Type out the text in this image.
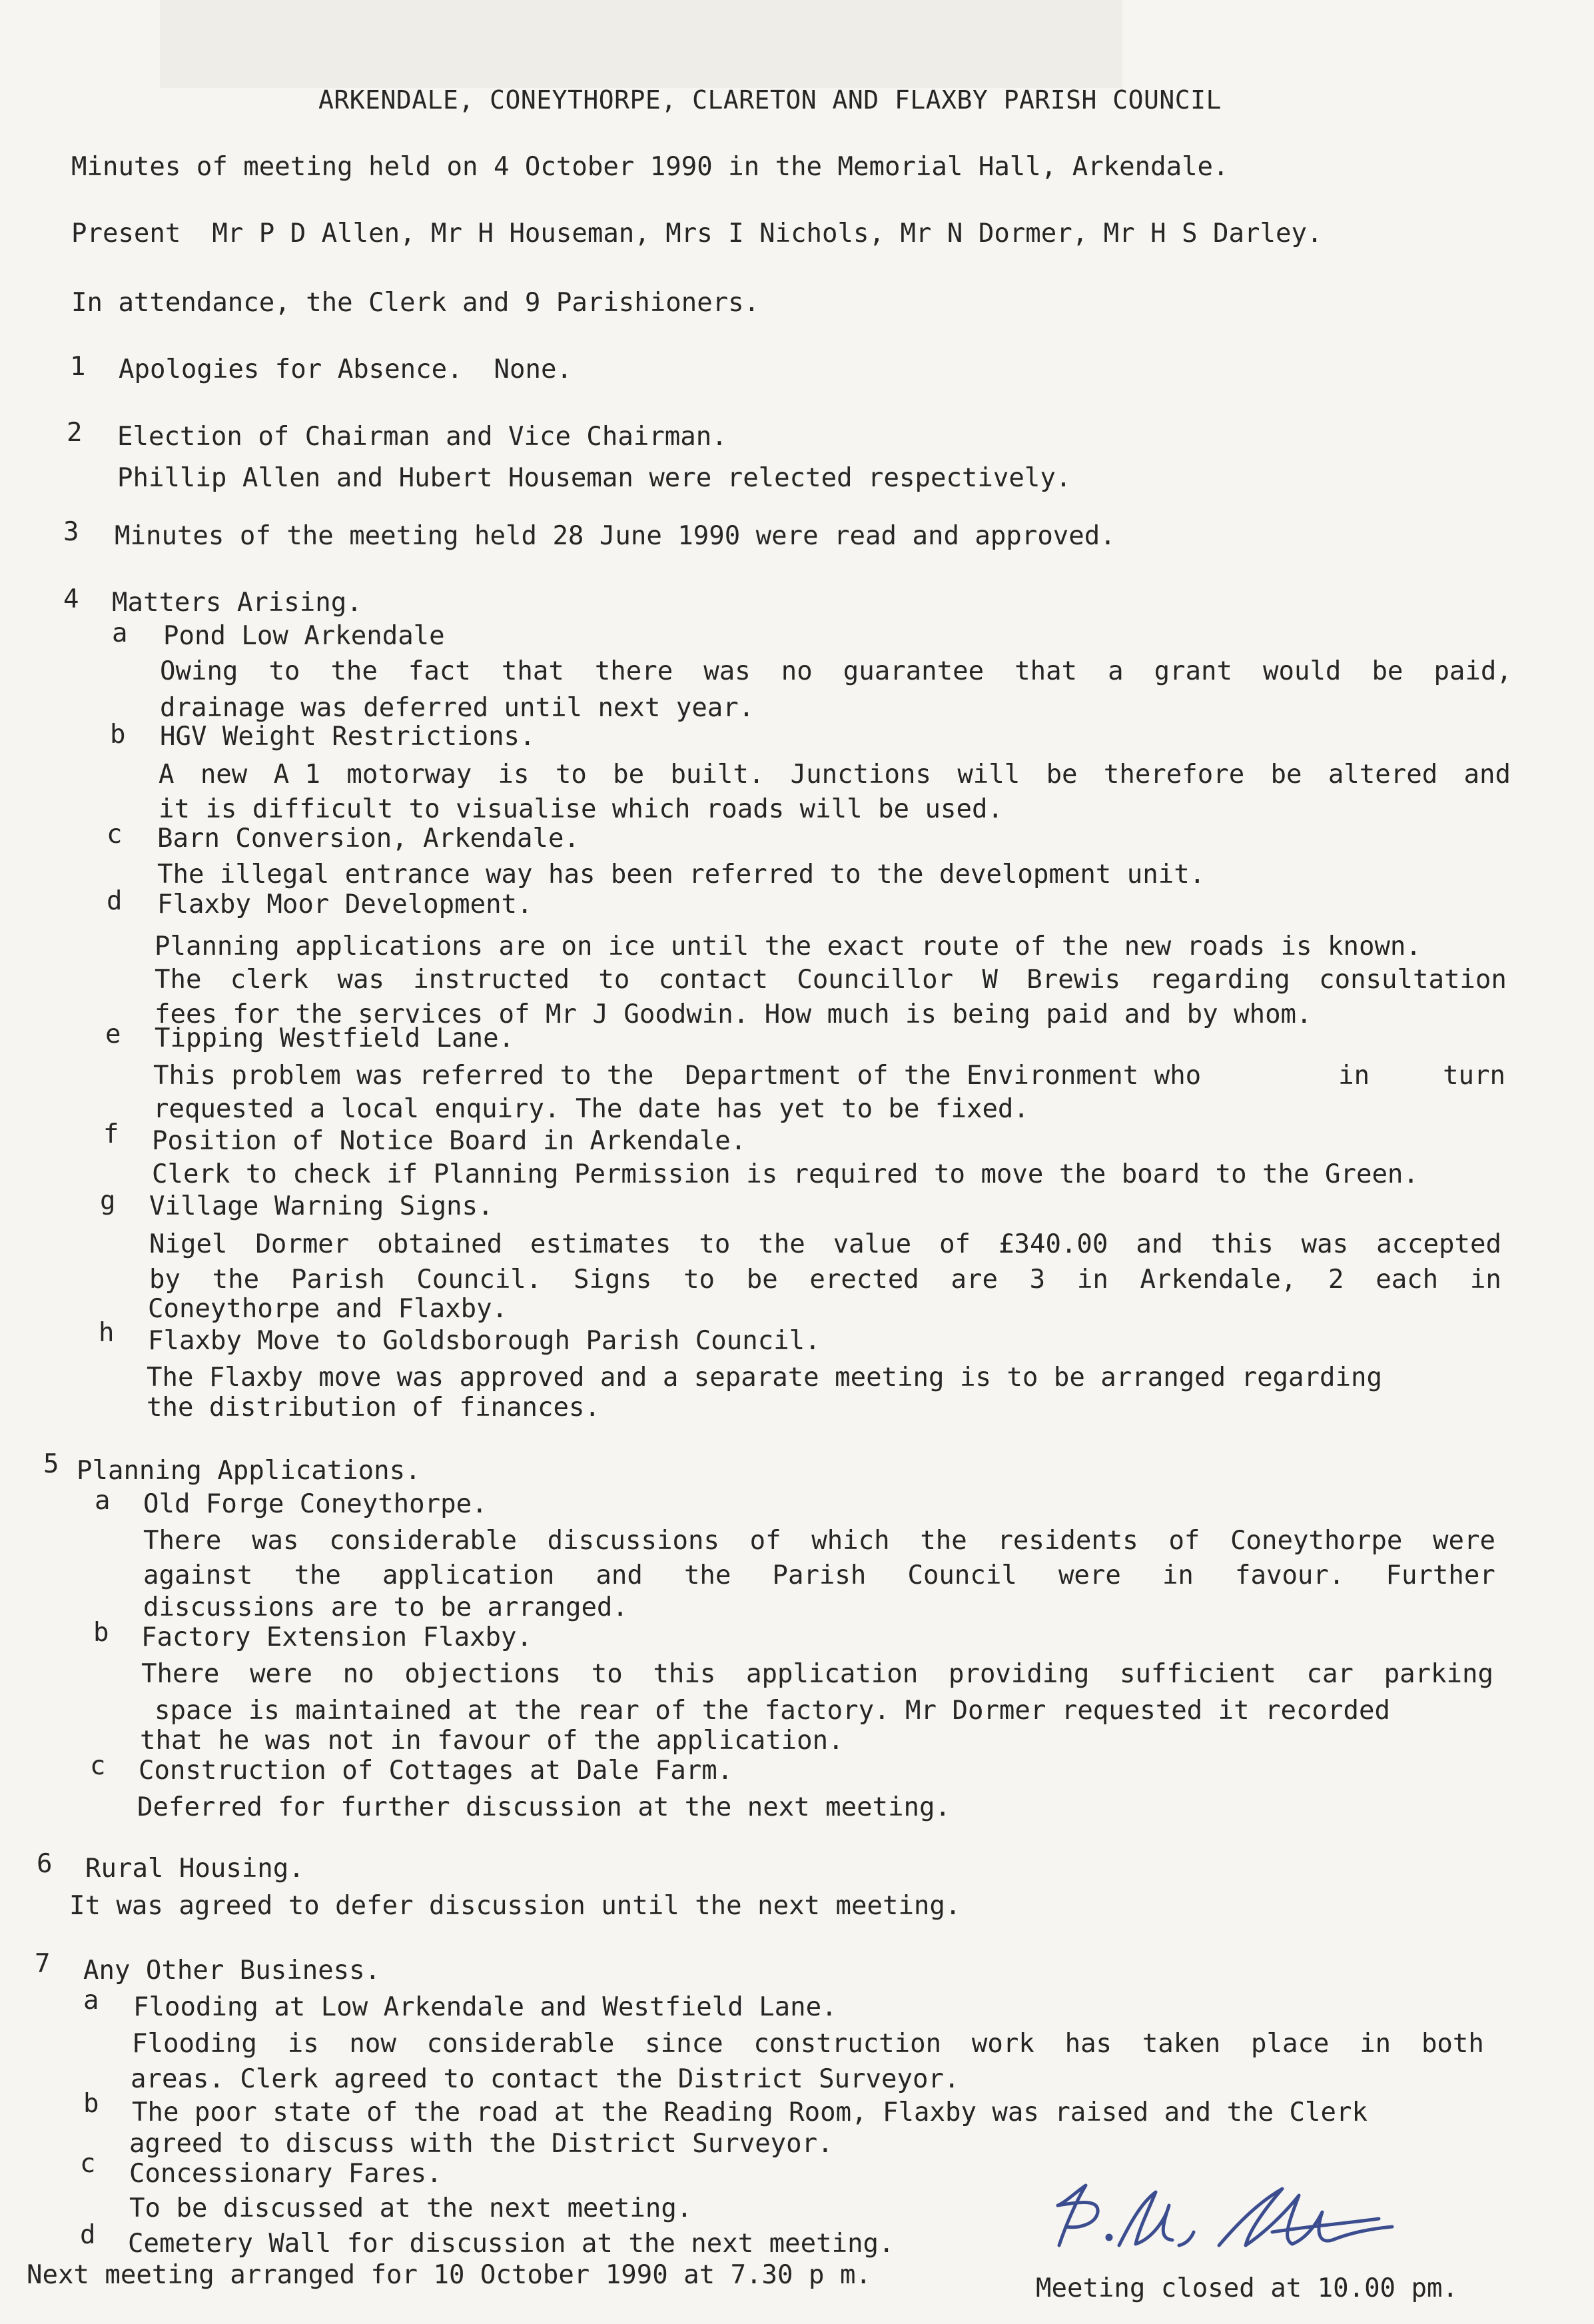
ARKENDALE, CONEYTHORPE, CLARETON AND FLAXBY PARISH COUNCIL
Minutes of meeting held on 4 October 1990 in the Memorial Hall, Arkendale.
Present  Mr P D Allen, Mr H Houseman, Mrs I Nichols, Mr N Dormer, Mr H S Darley.
In attendance, the Clerk and 9 Parishioners.
1 Apologies for Absence.  None.
2 Election of Chairman and Vice Chairman.
Phillip Allen and Hubert Houseman were relected respectively.
3 Minutes of the meeting held 28 June 1990 were read and approved.
4 Matters Arising.
a Pond Low Arkendale
Owing to the fact that there was no guarantee that a grant would be paid,
drainage was deferred until next year.
b HGV Weight Restrictions.
A new A 1 motorway is to be built. Junctions will be therefore be altered and
it is difficult to visualise which roads will be used.
c Barn Conversion, Arkendale.
The illegal entrance way has been referred to the development unit.
d Flaxby Moor Development.
Planning applications are on ice until the exact route of the new roads is known.
The clerk was instructed to contact Councillor W Brewis regarding consultation
fees for the services of Mr J Goodwin. How much is being paid and by whom.
e Tipping Westfield Lane.
This problem was referred to the  Department of the Environment who	in	turn
requested a local enquiry. The date has yet to be fixed.
f Position of Notice Board in Arkendale.
Clerk to check if Planning Permission is required to move the board to the Green.
g Village Warning Signs.
Nigel Dormer obtained estimates to the value of £340.00 and this was accepted
by the Parish Council. Signs to be erected are 3 in Arkendale, 2 each in
Coneythorpe and Flaxby.
h Flaxby Move to Goldsborough Parish Council.
The Flaxby move was approved and a separate meeting is to be arranged regarding
the distribution of finances.
5 Planning Applications.
a Old Forge Coneythorpe.
There was considerable discussions of which the residents of Coneythorpe were
against the application and the Parish Council were in favour. Further
discussions are to be arranged.
b Factory Extension Flaxby.
There were no objections to this application providing sufficient car parking
space is maintained at the rear of the factory. Mr Dormer requested it recorded
that he was not in favour of the application.
c Construction of Cottages at Dale Farm.
Deferred for further discussion at the next meeting.
6 Rural Housing.
It was agreed to defer discussion until the next meeting.
7 Any Other Business.
a Flooding at Low Arkendale and Westfield Lane.
Flooding is now considerable since construction work has taken place in both
areas. Clerk agreed to contact the District Surveyor.
b The poor state of the road at the Reading Room, Flaxby was raised and the Clerk
agreed to discuss with the District Surveyor.
c Concessionary Fares.
To be discussed at the next meeting.
d Cemetery Wall for discussion at the next meeting.
Next meeting arranged for 10 October 1990 at 7.30 p m.	Meeting closed at 10.00 pm.
